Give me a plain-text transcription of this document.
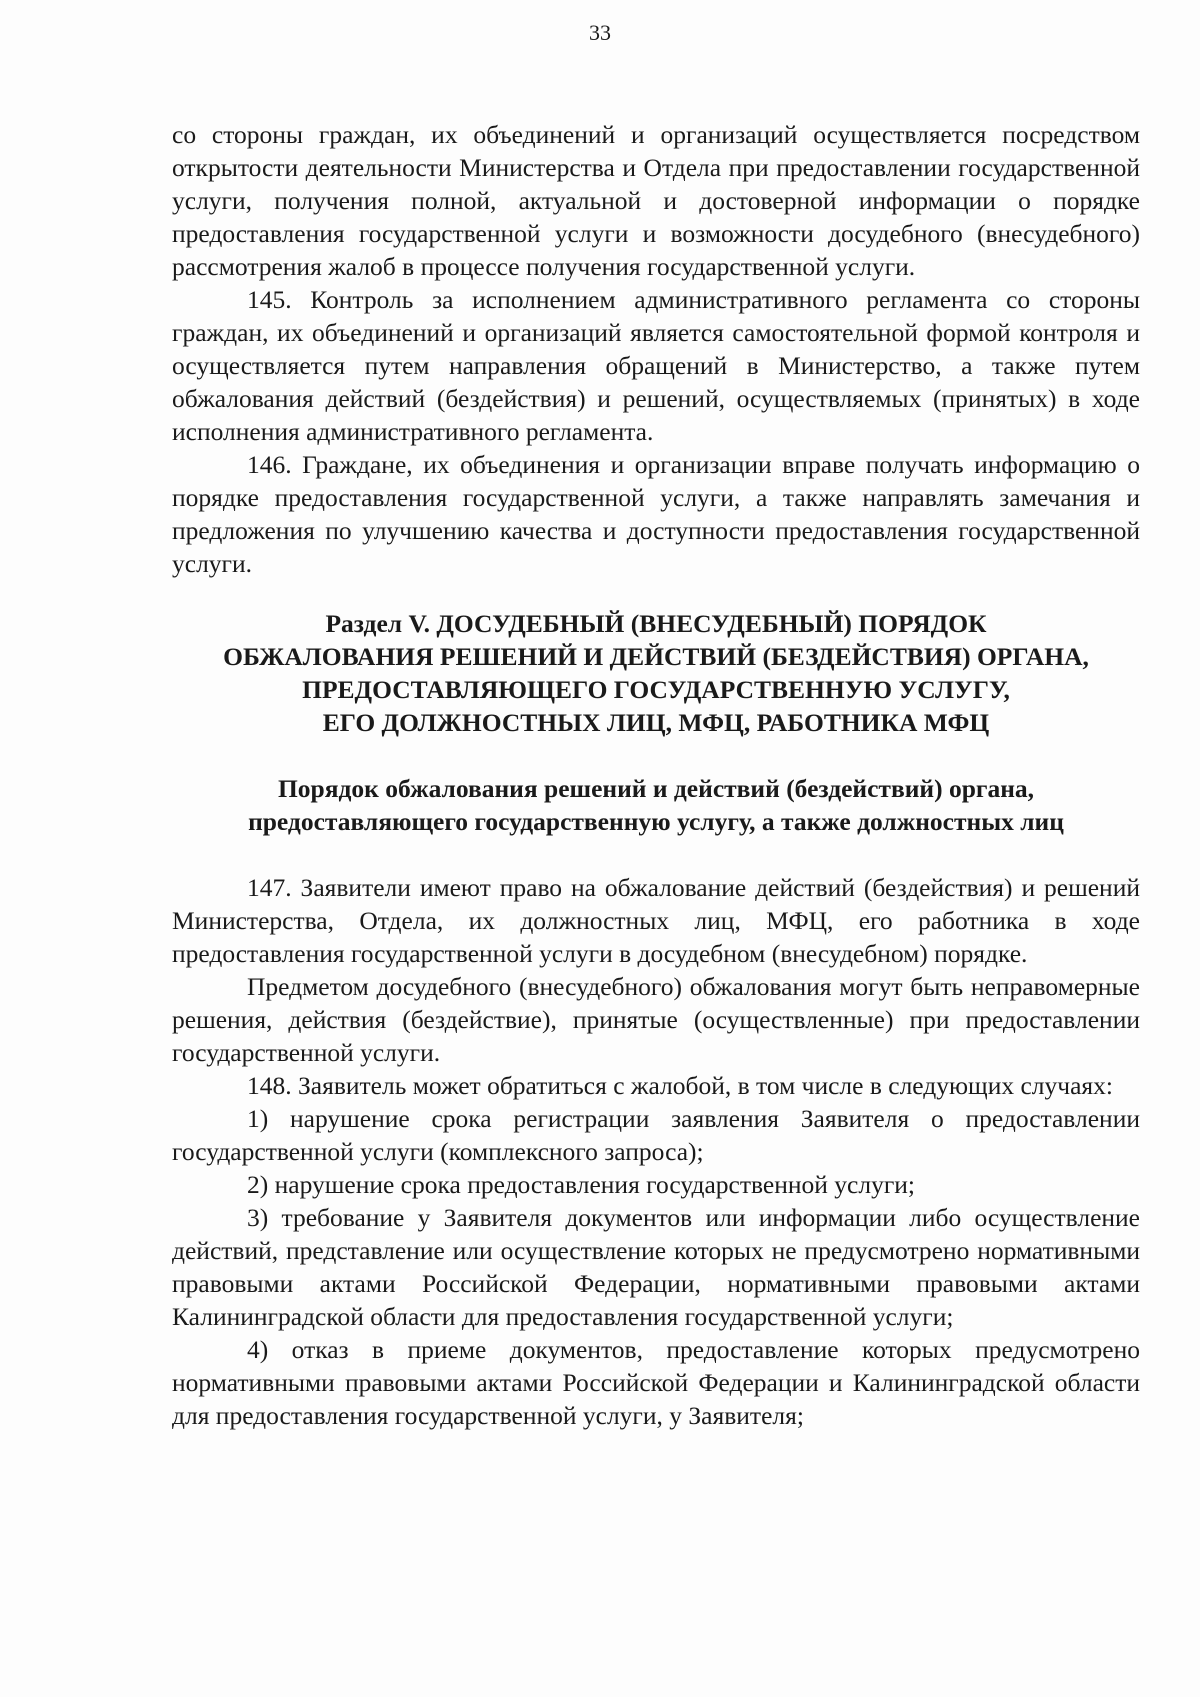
33

со стороны граждан, их объединений и организаций осуществляется посредством открытости деятельности Министерства и Отдела при предоставлении государственной услуги, получения полной, актуальной и достоверной информации о порядке предоставления государственной услуги и возможности досудебного (внесудебного) рассмотрения жалоб в процессе получения государственной услуги.

145. Контроль за исполнением административного регламента со стороны граждан, их объединений и организаций является самостоятельной формой контроля и осуществляется путем направления обращений в Министерство, а также путем обжалования действий (бездействия) и решений, осуществляемых (принятых) в ходе исполнения административного регламента.

146. Граждане, их объединения и организации вправе получать информацию о порядке предоставления государственной услуги, а также направлять замечания и предложения по улучшению качества и доступности предоставления государственной услуги.

Раздел V. ДОСУДЕБНЫЙ (ВНЕСУДЕБНЫЙ) ПОРЯДОК
ОБЖАЛОВАНИЯ РЕШЕНИЙ И ДЕЙСТВИЙ (БЕЗДЕЙСТВИЯ) ОРГАНА,
ПРЕДОСТАВЛЯЮЩЕГО ГОСУДАРСТВЕННУЮ УСЛУГУ,
ЕГО ДОЛЖНОСТНЫХ ЛИЦ, МФЦ, РАБОТНИКА МФЦ
Порядок обжалования решений и действий (бездействий) органа,
предоставляющего государственную услугу, а также должностных лиц

147. Заявители имеют право на обжалование действий (бездействия) и решений Министерства, Отдела, их должностных лиц, МФЦ, его работника в ходе предоставления государственной услуги в досудебном (внесудебном) порядке.

Предметом досудебного (внесудебного) обжалования могут быть неправомерные решения, действия (бездействие), принятые (осуществленные) при предоставлении государственной услуги.

148. Заявитель может обратиться с жалобой, в том числе в следующих случаях:

1) нарушение срока регистрации заявления Заявителя о предоставлении государственной услуги (комплексного запроса);

2) нарушение срока предоставления государственной услуги;

3) требование у Заявителя документов или информации либо осуществление действий, представление или осуществление которых не предусмотрено нормативными правовыми актами Российской Федерации, нормативными правовыми актами Калининградской области для предоставления государственной услуги;

4) отказ в приеме документов, предоставление которых предусмотрено нормативными правовыми актами Российской Федерации и Калининградской области для предоставления государственной услуги, у Заявителя;
